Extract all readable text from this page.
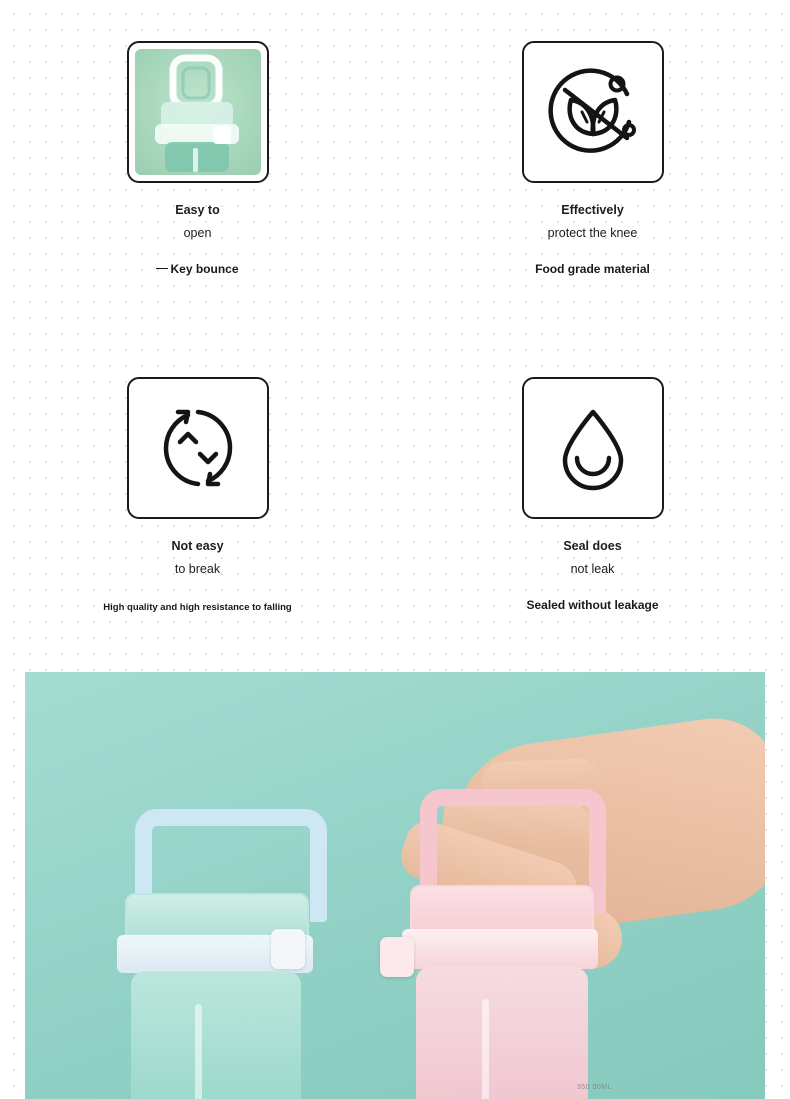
Easy to
open
Key bounce
Effectively
protect the knee
Food grade material
Not easy
to break
High quality and high resistance to falling
Seal does
not leak
Sealed without leakage
350 00ML
